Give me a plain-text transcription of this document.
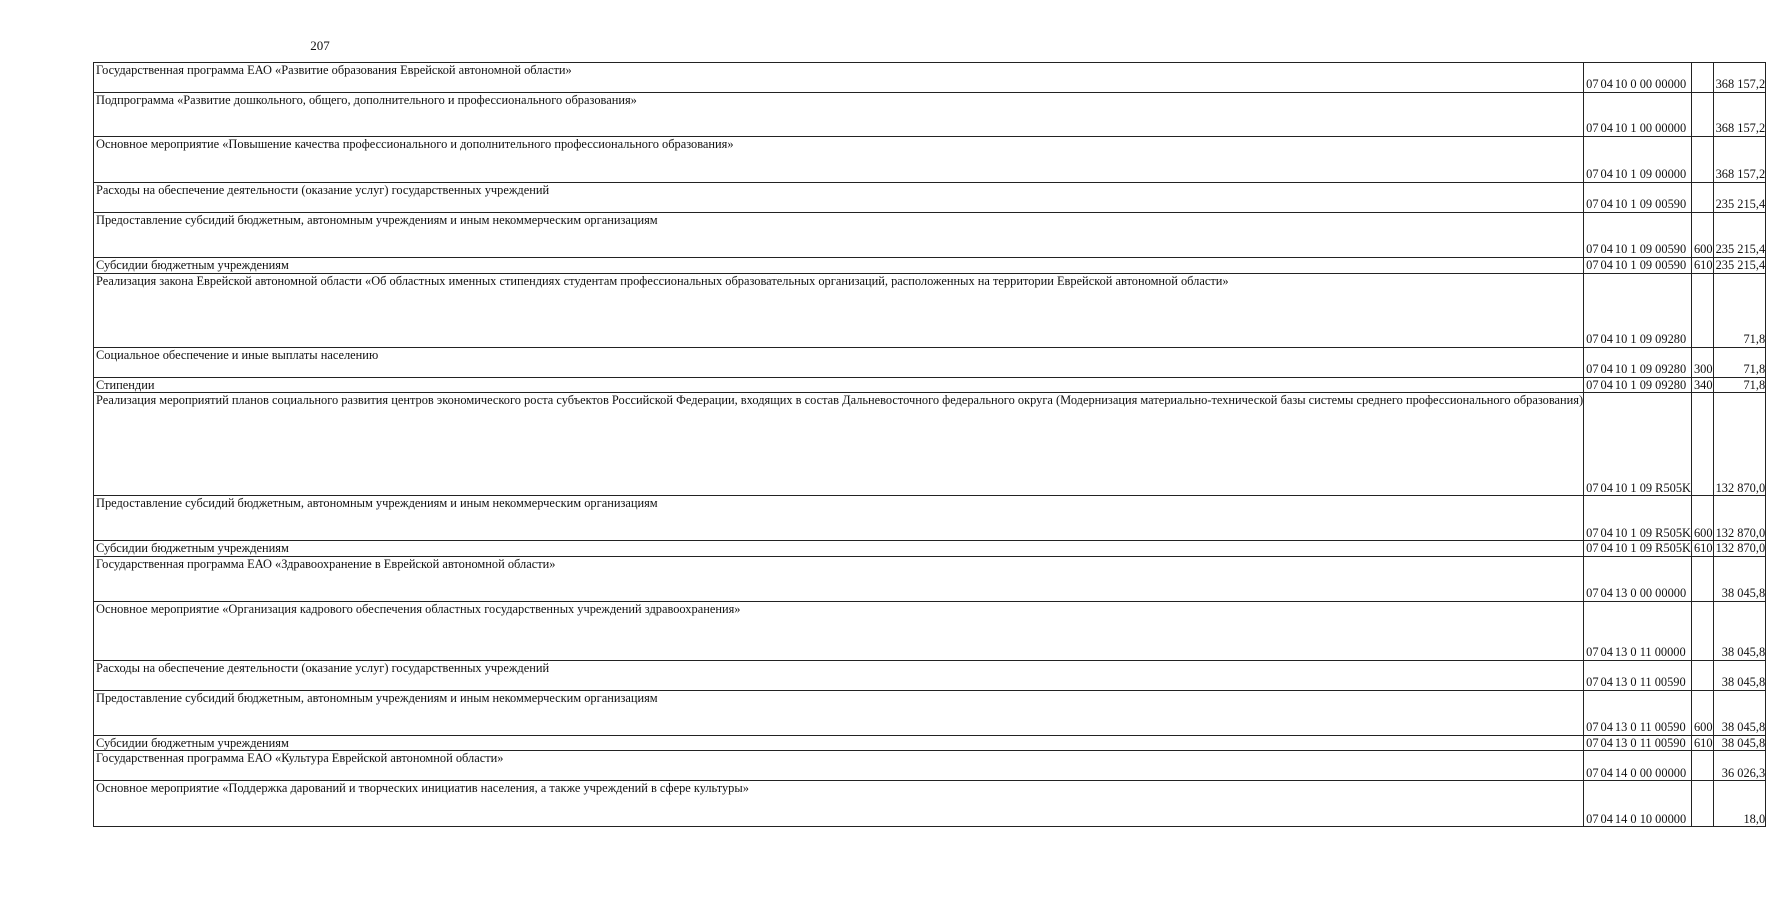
207
Государственная программа ЕАО «Развитие образования Еврейской автономной области»	07	04	10 0 00 00000		368 157,2
Подпрограмма «Развитие дошкольного, общего, дополнительного и профессионального образования»	07	04	10 1 00 00000		368 157,2
Основное мероприятие «Повышение качества профессионального и дополнительного профессионального образования»	07	04	10 1 09 00000		368 157,2
Расходы на обеспечение деятельности (оказание услуг) государственных учреждений	07	04	10 1 09 00590		235 215,4
Предоставление субсидий бюджетным, автономным учреждениям и иным некоммерческим организациям	07	04	10 1 09 00590	600	235 215,4
Субсидии бюджетным учреждениям	07	04	10 1 09 00590	610	235 215,4
Реализация закона Еврейской автономной области «Об областных именных стипендиях студентам профессиональных образовательных организаций, расположенных на территории Еврейской автономной области»	07	04	10 1 09 09280		71,8
Социальное обеспечение и иные выплаты населению	07	04	10 1 09 09280	300	71,8
Стипендии	07	04	10 1 09 09280	340	71,8
Реализация мероприятий планов социального развития центров экономического роста субъектов Российской Федерации, входящих в состав Дальневосточного федерального округа (Модернизация материально-технической базы системы среднего профессионального образования)	07	04	10 1 09 R505K		132 870,0
Предоставление субсидий бюджетным, автономным учреждениям и иным некоммерческим организациям	07	04	10 1 09 R505K	600	132 870,0
Субсидии бюджетным учреждениям	07	04	10 1 09 R505K	610	132 870,0
Государственная программа ЕАО «Здравоохранение в Еврейской автономной области»	07	04	13 0 00 00000		38 045,8
Основное мероприятие «Организация кадрового обеспечения областных государственных учреждений здравоохранения»	07	04	13 0 11 00000		38 045,8
Расходы на обеспечение деятельности (оказание услуг) государственных учреждений	07	04	13 0 11 00590		38 045,8
Предоставление субсидий бюджетным, автономным учреждениям и иным некоммерческим организациям	07	04	13 0 11 00590	600	38 045,8
Субсидии бюджетным учреждениям	07	04	13 0 11 00590	610	38 045,8
Государственная программа ЕАО «Культура Еврейской автономной области»	07	04	14 0 00 00000		36 026,3
Основное мероприятие «Поддержка дарований и творческих инициатив населения, а также учреждений в сфере культуры»	07	04	14 0 10 00000		18,0
